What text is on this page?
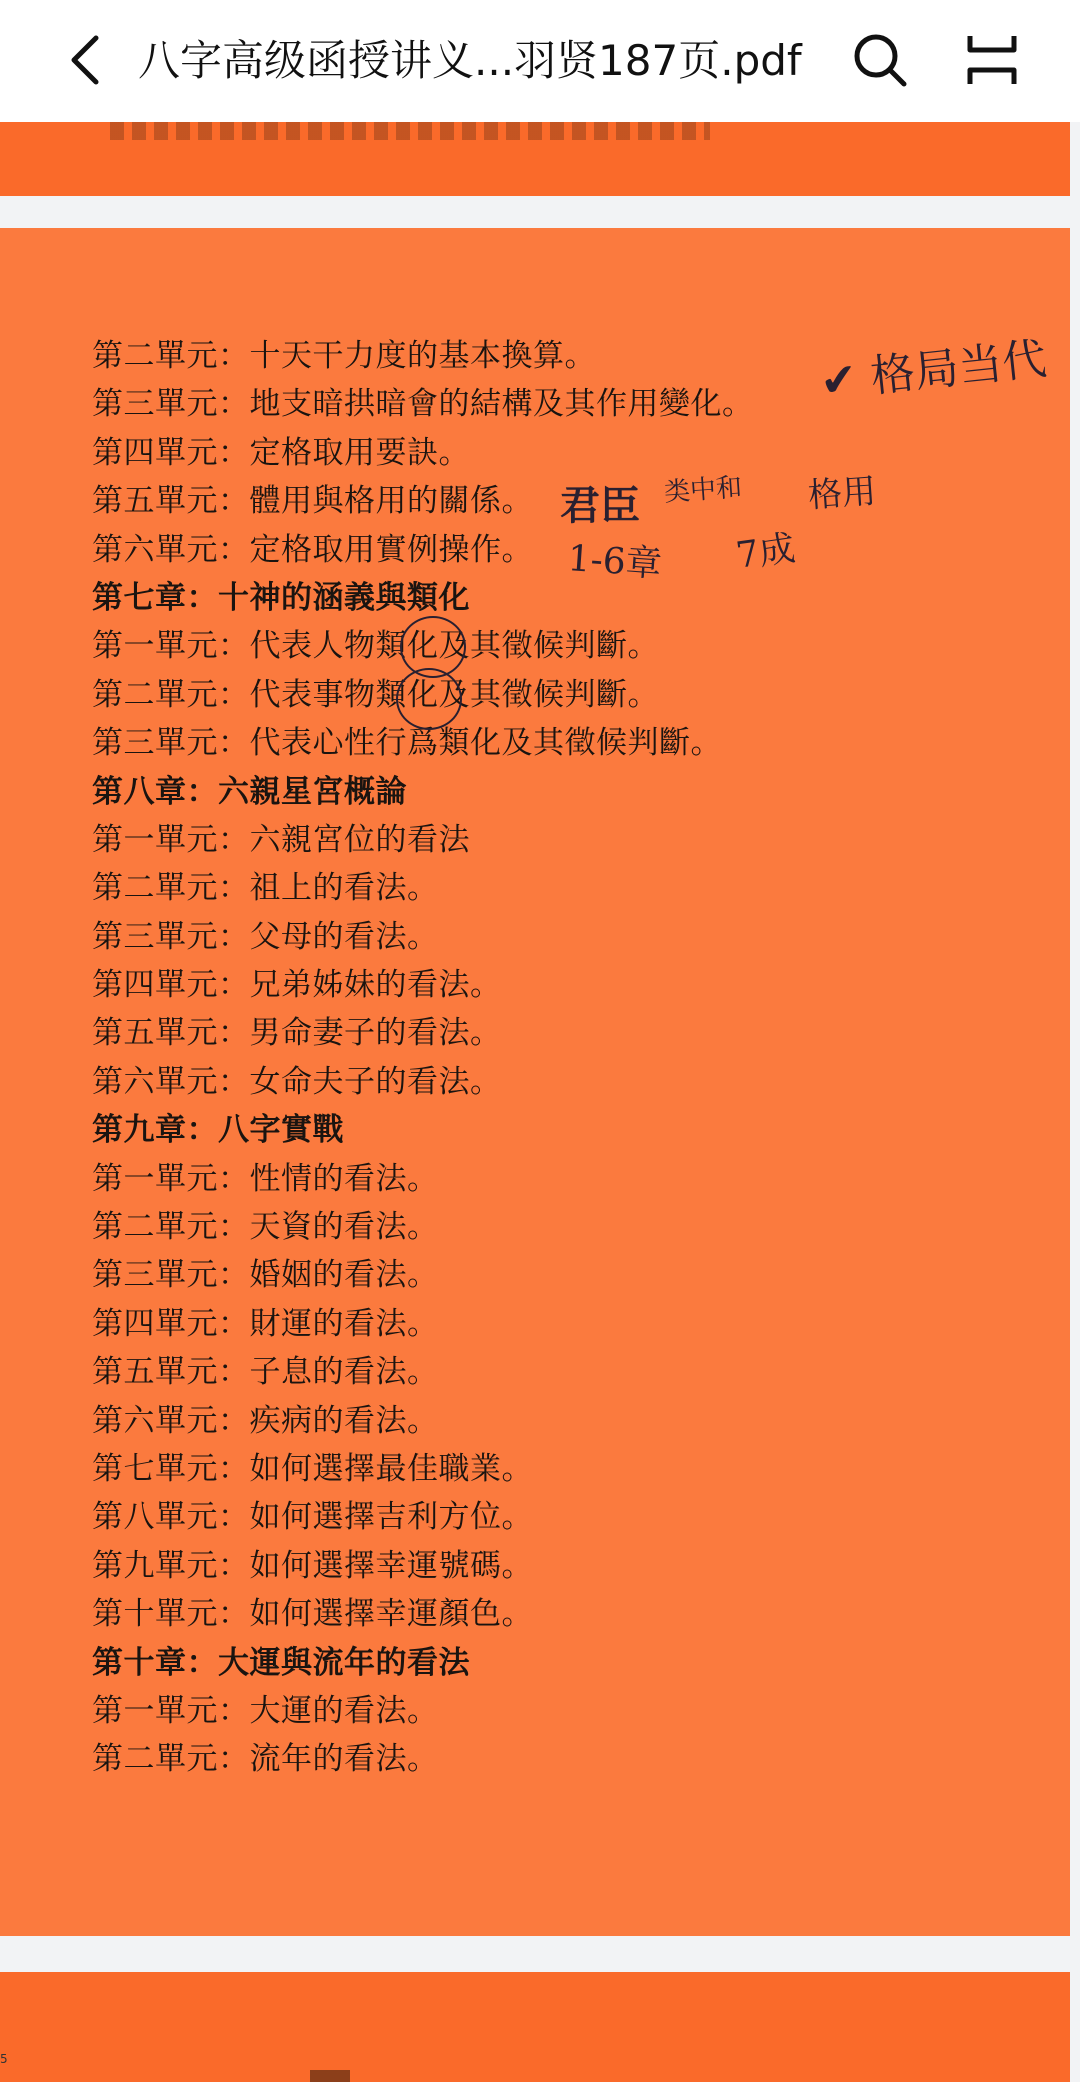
八字高级函授讲义...羽贤187页.pdf
第二單元：十天干力度的基本換算。
第三單元：地支暗拱暗會的結構及其作用變化。
第四單元：定格取用要訣。
第五單元：體用與格用的關係。
第六單元：定格取用實例操作。
第七章：十神的涵義與類化
第一單元：代表人物類化及其徵候判斷。
第二單元：代表事物類化及其徵候判斷。
第三單元：代表心性行爲類化及其徵候判斷。
第八章：六親星宮概論
第一單元：六親宮位的看法
第二單元：祖上的看法。
第三單元：父母的看法。
第四單元：兄弟姊妹的看法。
第五單元：男命妻子的看法。
第六單元：女命夫子的看法。
第九章：八字實戰
第一單元：性情的看法。
第二單元：天資的看法。
第三單元：婚姻的看法。
第四單元：財運的看法。
第五單元：子息的看法。
第六單元：疾病的看法。
第七單元：如何選擇最佳職業。
第八單元：如何選擇吉利方位。
第九單元：如何選擇幸運號碼。
第十單元：如何選擇幸運顏色。
第十章：大運與流年的看法
第一單元：大運的看法。
第二單元：流年的看法。
✔ 格局当代
君臣 类中和 格用
1-6章 7成
5
